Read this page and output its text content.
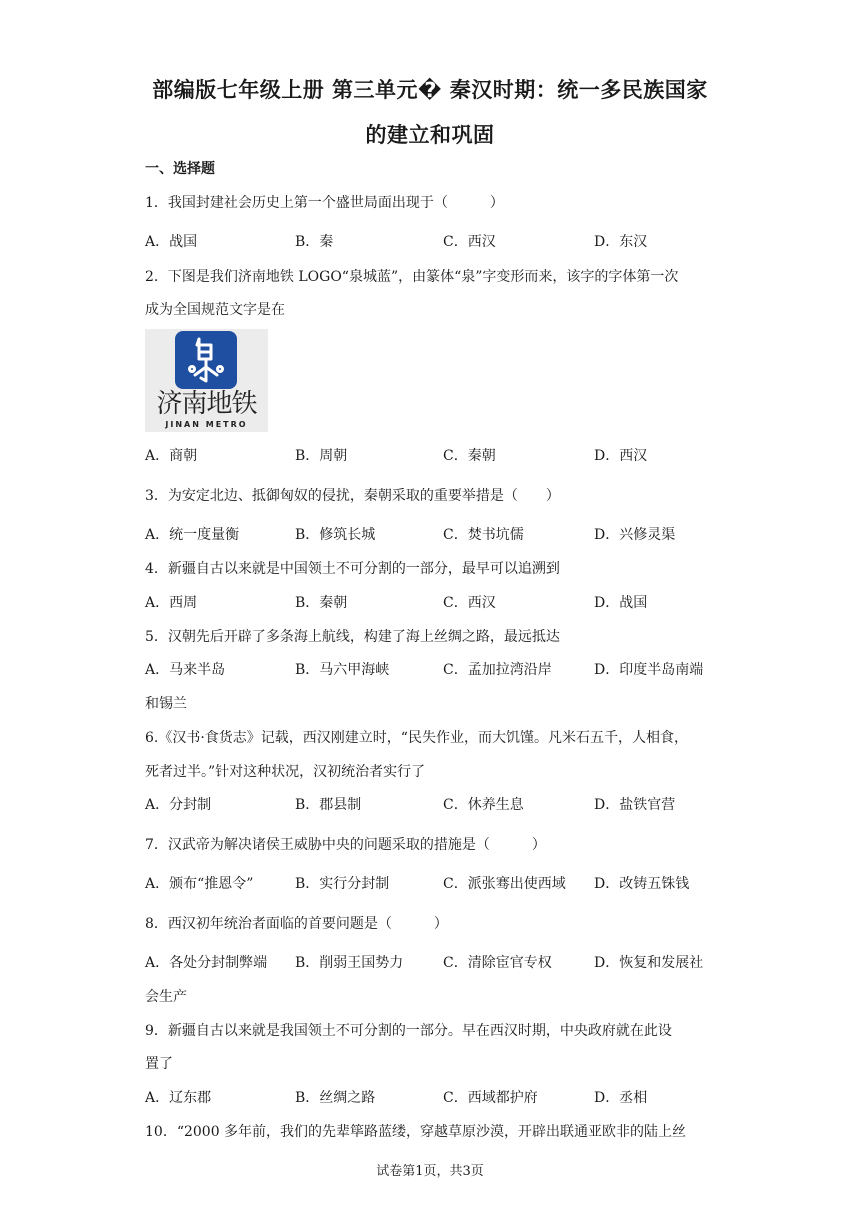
部编版七年级上册 第三单元� 秦汉时期：统一多民族国家
的建立和巩固
一、选择题
1．我国封建社会历史上第一个盛世局面出现于（　　　）
A．战国	B．秦	C．西汉	D．东汉
2．下图是我们济南地铁 LOGO“泉城蓝”，由篆体“泉”字变形而来，该字的字体第一次
成为全国规范文字是在
济南地铁
JINAN METRO
A．商朝	B．周朝	C．秦朝	D．西汉
3．为安定北边、抵御匈奴的侵扰，秦朝采取的重要举措是（　　）
A．统一度量衡	B．修筑长城	C．焚书坑儒	D．兴修灵渠
4．新疆自古以来就是中国领土不可分割的一部分，最早可以追溯到
A．西周	B．秦朝	C．西汉	D．战国
5．汉朝先后开辟了多条海上航线，构建了海上丝绸之路，最远抵达
A．马来半岛	B．马六甲海峡	C．孟加拉湾沿岸	D．印度半岛南端
和锡兰
6.《汉书·食货志》记载，西汉刚建立时，“民失作业，而大饥馑。凡米石五千，人相食，
死者过半。”针对这种状况，汉初统治者实行了
A．分封制	B．郡县制	C．休养生息	D．盐铁官营
7．汉武帝为解决诸侯王威胁中央的问题采取的措施是（　　　）
A．颁布“推恩令”	B．实行分封制	C．派张骞出使西域 D．改铸五铢钱
8．西汉初年统治者面临的首要问题是（　　　）
A．各处分封制弊端 B．削弱王国势力	C．清除宦官专权	D．恢复和发展社
会生产
9．新疆自古以来就是我国领土不可分割的一部分。早在西汉时期，中央政府就在此设
置了
A．辽东郡	B．丝绸之路	C．西域都护府	D．丞相
10．“2000 多年前，我们的先辈筚路蓝缕，穿越草原沙漠，开辟出联通亚欧非的陆上丝
试卷第1页，共3页
